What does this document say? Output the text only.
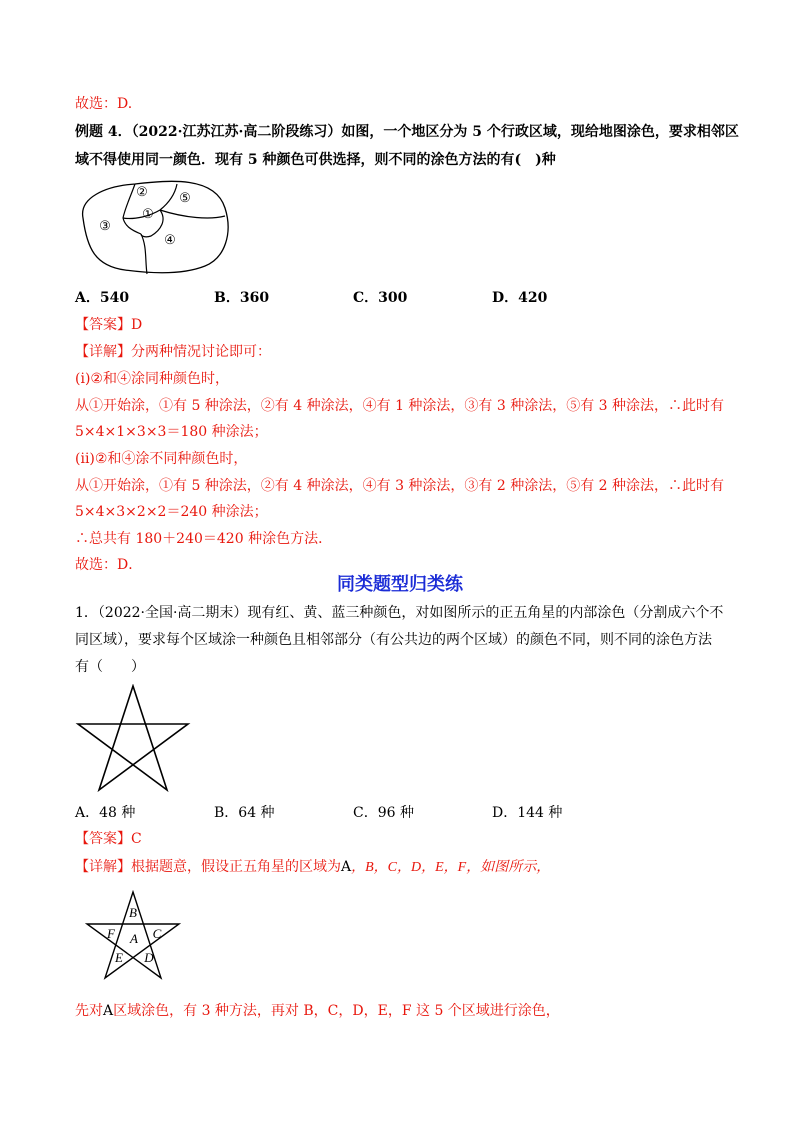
故选：D.
例题 4．（2022·江苏江苏·高二阶段练习）如图，一个地区分为 5 个行政区域，现给地图涂色，要求相邻区
域不得使用同一颜色．现有 5 种颜色可供选择，则不同的涂色方法的有(　)种
② ⑤
①
③
④
A．540	B．360	C．300	D．420
【答案】D
【详解】分两种情况讨论即可：
(i)②和④涂同种颜色时，
从①开始涂，①有 5 种涂法，②有 4 种涂法，④有 1 种涂法，③有 3 种涂法，⑤有 3 种涂法，∴此时有
5×4×1×3×3＝180 种涂法；
(ii)②和④涂不同种颜色时，
从①开始涂，①有 5 种涂法，②有 4 种涂法，④有 3 种涂法，③有 2 种涂法，⑤有 2 种涂法，∴此时有
5×4×3×2×2＝240 种涂法；
∴总共有 180＋240＝420 种涂色方法．
故选：D．
同类题型归类练
1．（2022·全国·高二期末）现有红、黄、蓝三种颜色，对如图所示的正五角星的内部涂色（分割成六个不
同区域），要求每个区域涂一种颜色且相邻部分（有公共边的两个区域）的颜色不同，则不同的涂色方法
有（　　）
A．48 种	B．64 种	C．96 种	D．144 种
【答案】C
【详解】根据题意，假设正五角星的区域为A，B，C，D，E，F，如图所示，
B
F A C
E D
先对A区域涂色，有 3 种方法，再对 B，C，D，E，F 这 5 个区域进行涂色，
